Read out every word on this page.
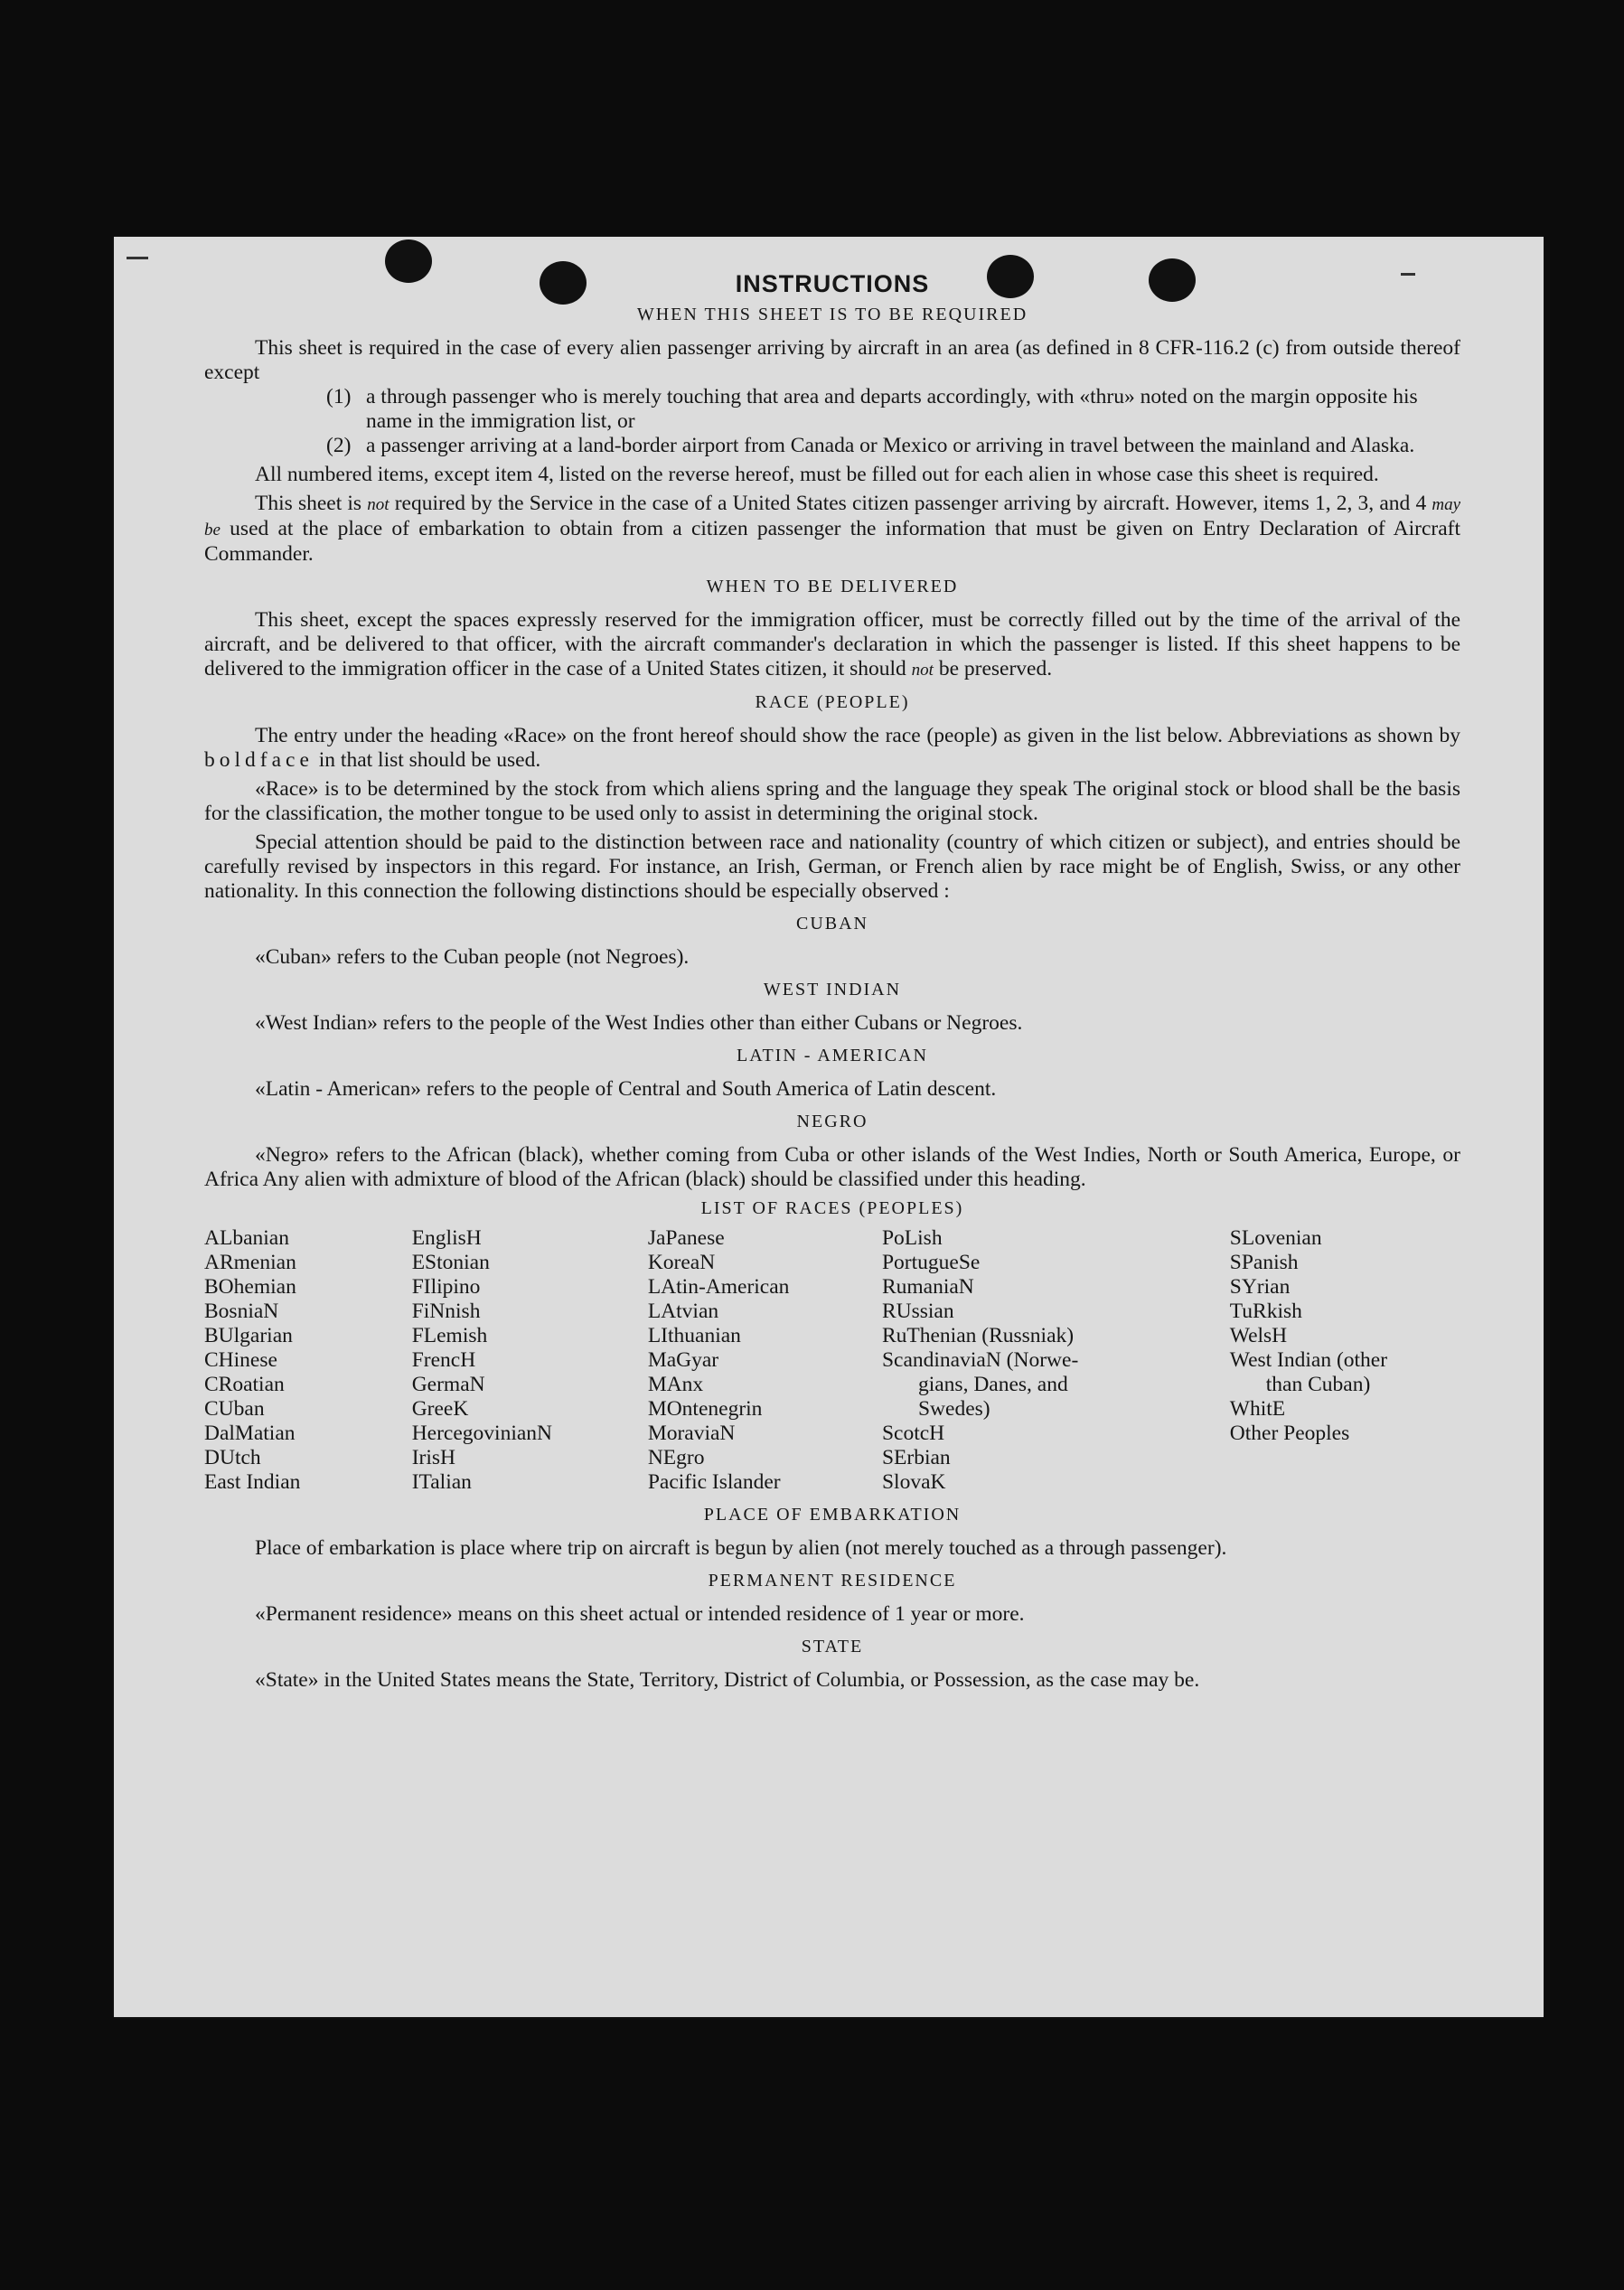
INSTRUCTIONS
WHEN THIS SHEET IS TO BE REQUIRED

This sheet is required in the case of every alien passenger arriving by aircraft in an area (as defined in 8 CFR-116.2 (c) from outside thereof except

(1) a through passenger who is merely touching that area and departs accordingly, with «thru» noted on the margin opposite his name in the immigration list, or
(2) a passenger arriving at a land-border airport from Canada or Mexico or arriving in travel between the mainland and Alaska.

All numbered items, except item 4, listed on the reverse hereof, must be filled out for each alien in whose case this sheet is required.

This sheet is not required by the Service in the case of a United States citizen passenger arriving by aircraft. However, items 1, 2, 3, and 4 may be used at the place of embarkation to obtain from a citizen passenger the information that must be given on Entry Declaration of Aircraft Commander.

WHEN TO BE DELIVERED

This sheet, except the spaces expressly reserved for the immigration officer, must be correctly filled out by the time of the arrival of the aircraft, and be delivered to that officer, with the aircraft commander's declaration in which the passenger is listed. If this sheet happens to be delivered to the immigration officer in the case of a United States citizen, it should not be preserved.

RACE (PEOPLE)

The entry under the heading «Race» on the front hereof should show the race (people) as given in the list below. Abbreviations as shown by boldface in that list should be used.

«Race» is to be determined by the stock from which aliens spring and the language they speak The original stock or blood shall be the basis for the classification, the mother tongue to be used only to assist in determining the original stock.

Special attention should be paid to the distinction between race and nationality (country of which citizen or subject), and entries should be carefully revised by inspectors in this regard. For instance, an Irish, German, or French alien by race might be of English, Swiss, or any other nationality. In this connection the following distinctions should be especially observed :

CUBAN

«Cuban» refers to the Cuban people (not Negroes).

WEST INDIAN

«West Indian» refers to the people of the West Indies other than either Cubans or Negroes.

LATIN - AMERICAN

«Latin - American» refers to the people of Central and South America of Latin descent.

NEGRO

«Negro» refers to the African (black), whether coming from Cuba or other islands of the West Indies, North or South America, Europe, or Africa Any alien with admixture of blood of the African (black) should be classified under this heading.

LIST OF RACES (PEOPLES)
ALbanian
ARmenian
BOhemian
BosniaN
BUlgarian
CHinese
CRoatian
CUban
DalMatian
DUtch
East Indian
EnglisH
EStonian
FIlipino
FiNnish
FLemish
FrencH
GermaN
GreeK
HercegovinianN
IrisH
ITalian
JaPanese
KoreaN
LAtin-American
LAtvian
LIthuanian
MaGyar
MAnx
MOntenegrin
MoraviaN
NEgro
Pacific Islander
PoLish
PortugueSe
RumaniaN
RUssian
RuThenian (Russniak)
ScandinaviaN (Norwe-
gians, Danes, and
Swedes)
ScotcH
SErbian
SlovaK
SLovenian
SPanish
SYrian
TuRkish
WelsH
West Indian (other
than Cuban)
WhitE
Other Peoples
PLACE OF EMBARKATION

Place of embarkation is place where trip on aircraft is begun by alien (not merely touched as a through passenger).

PERMANENT RESIDENCE

«Permanent residence» means on this sheet actual or intended residence of 1 year or more.

STATE

«State» in the United States means the State, Territory, District of Columbia, or Possession, as the case may be.
